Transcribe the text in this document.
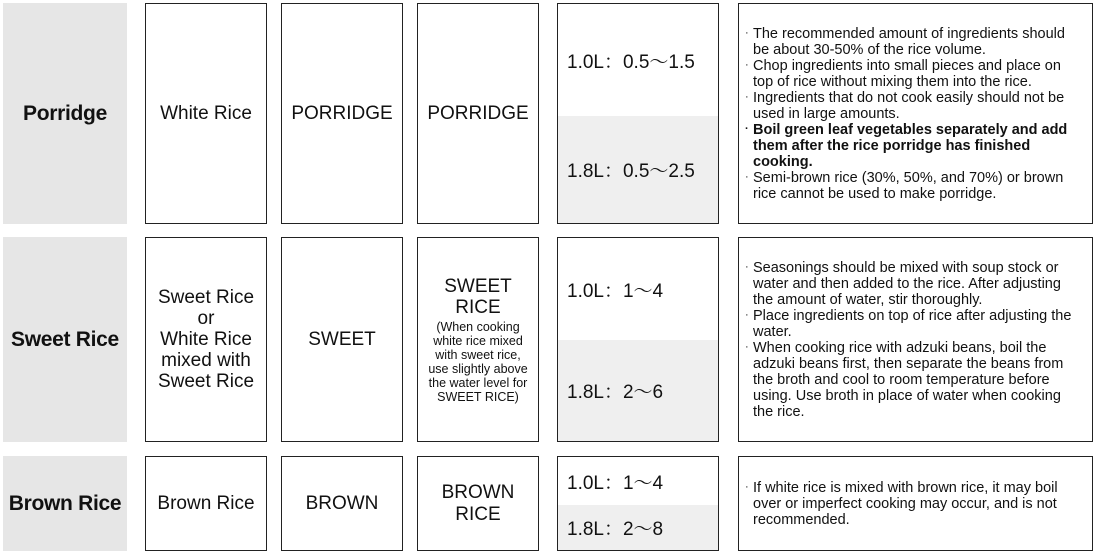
Porridge	White Rice PORRIDGE PORRIDGE
1.0L：0.5〜1.5
1.8L：0.5〜2.5
· The recommended amount of ingredients should be about 30-50% of the rice volume.
· Chop ingredients into small pieces and place on top of rice without mixing them into the rice.
· Ingredients that do not cook easily should not be used in large amounts.
· Boil green leaf vegetables separately and add them after the rice porridge has finished cooking.
· Semi-brown rice (30%, 50%, and 70%) or brown rice cannot be used to make porridge.
Sweet Rice
Sweet Rice
or
White Rice
mixed with
Sweet Rice
SWEET
SWEET RICE
(When cooking white rice mixed with sweet rice, use slightly above the water level for SWEET RICE)
1.0L：1〜4
1.8L：2〜6
· Seasonings should be mixed with soup stock or water and then added to the rice. After adjusting the amount of water, stir thoroughly.
· Place ingredients on top of rice after adjusting the water.
· When cooking rice with adzuki beans, boil the adzuki beans first, then separate the beans from the broth and cool to room temperature before using. Use broth in place of water when cooking the rice.
Brown Rice Brown Rice	BROWN
BROWN RICE
1.0L：1〜4
1.8L：2〜8
· If white rice is mixed with brown rice, it may boil over or imperfect cooking may occur, and is not recommended.
